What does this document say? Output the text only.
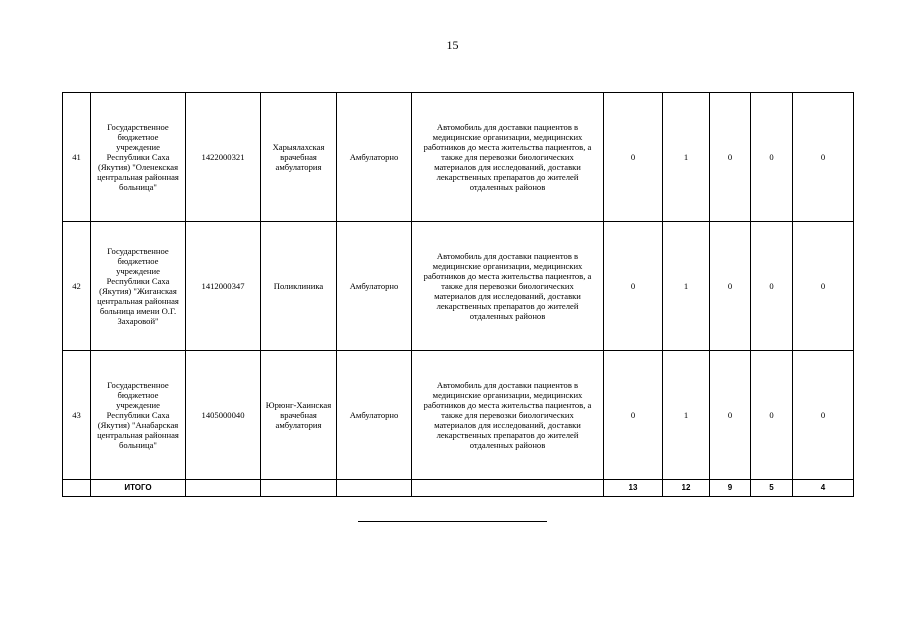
15
41	Государственное бюджетное учреждение Республики Саха (Якутия) "Оленекская центральная районная больница"	1422000321	Харыялахская врачебная амбулатория	Амбулаторно	Автомобиль для доставки пациентов в медицинские организации, медицинских работников до места жительства пациентов, а также для перевозки биологических материалов для исследований, доставки лекарственных препаратов до жителей отдаленных районов	0	1	0	0	0
42	Государственное бюджетное учреждение Республики Саха (Якутия) "Жиганская центральная районная больница имени О.Г. Захаровой"	1412000347	Поликлиника	Амбулаторно	Автомобиль для доставки пациентов в медицинские организации, медицинских работников до места жительства пациентов, а также для перевозки биологических материалов для исследований, доставки лекарственных препаратов до жителей отдаленных районов	0	1	0	0	0
43	Государственное бюджетное учреждение Республики Саха (Якутия) "Анабарская центральная районная больница"	1405000040	Юрюнг-Хаинская врачебная амбулатория	Амбулаторно	Автомобиль для доставки пациентов в медицинские организации, медицинских работников до места жительства пациентов, а также для перевозки биологических материалов для исследований, доставки лекарственных препаратов до жителей отдаленных районов	0	1	0	0	0
	ИТОГО					13	12	9	5	4
